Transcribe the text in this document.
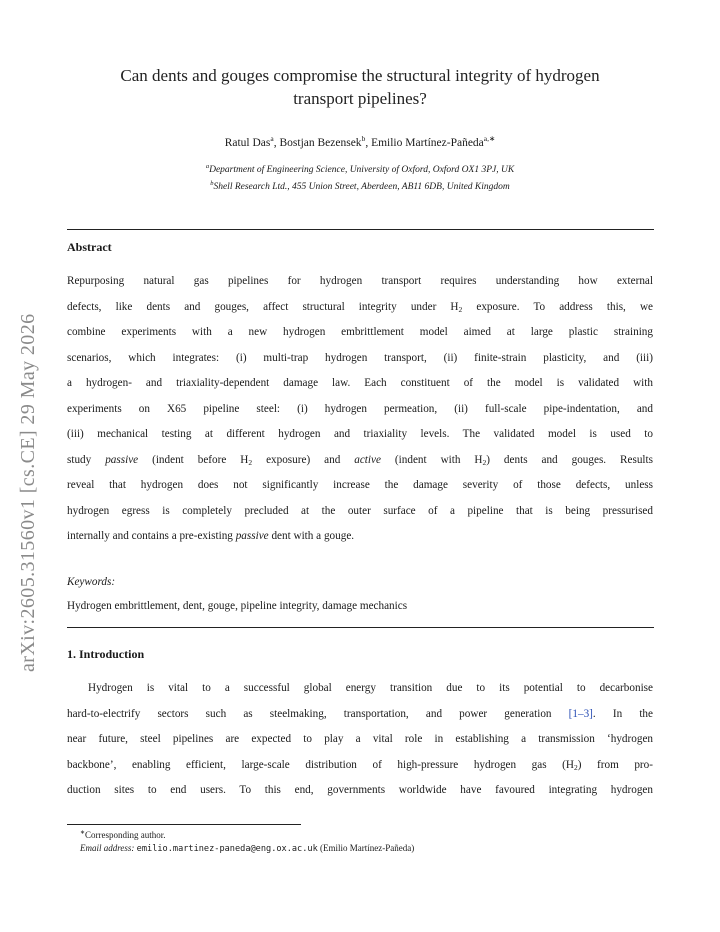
arXiv:2605.31560v1 [cs.CE] 29 May 2026
Can dents and gouges compromise the structural integrity of hydrogen
transport pipelines?
Ratul Das$^a$, Bostjan Bezensek$^b$, Emilio Martínez-Pañeda$^{a,∗}$
$^a$Department of Engineering Science, University of Oxford, Oxford OX1 3PJ, UK
$^b$Shell Research Ltd., 455 Union Street, Aberdeen, AB11 6DB, United Kingdom
Abstract
Repurposing natural gas pipelines for hydrogen transport requires understanding how external
defects, like dents and gouges, affect structural integrity under $H_2$ exposure. To address this, we
combine experiments with a new hydrogen embrittlement model aimed at large plastic straining
scenarios, which integrates: (i) multi-trap hydrogen transport, (ii) finite-strain plasticity, and (iii)
a hydrogen- and triaxiality-dependent damage law. Each constituent of the model is validated with
experiments on X65 pipeline steel: (i) hydrogen permeation, (ii) full-scale pipe-indentation, and
(iii) mechanical testing at different hydrogen and triaxiality levels. The validated model is used to
study passive (indent before $H_2$ exposure) and active (indent with $H_2$) dents and gouges. Results
reveal that hydrogen does not significantly increase the damage severity of those defects, unless
hydrogen egress is completely precluded at the outer surface of a pipeline that is being pressurised
internally and contains a pre-existing passive dent with a gouge.
Keywords:
Hydrogen embrittlement, dent, gouge, pipeline integrity, damage mechanics
1. Introduction
Hydrogen is vital to a successful global energy transition due to its potential to decarbonise
hard-to-electrify sectors such as steelmaking, transportation, and power generation [1–3]. In the
near future, steel pipelines are expected to play a vital role in establishing a transmission ‘hydrogen
backbone’, enabling efficient, large-scale distribution of high-pressure hydrogen gas $(H_2)$ from pro-
duction sites to end users. To this end, governments worldwide have favoured integrating hydrogen
∗Corresponding author.
Email address: emilio.martinez-paneda@eng.ox.ac.uk (Emilio Martínez-Pañeda)
